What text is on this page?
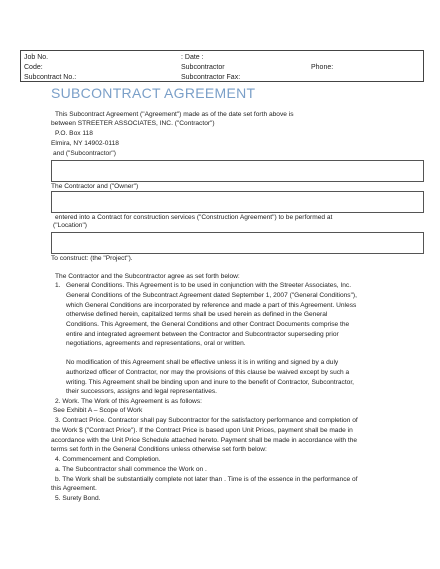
Job No.	: Date :
Code:	Subcontractor	Phone:
Subcontract No.:	Subcontractor Fax:
SUBCONTRACT AGREEMENT
This Subcontract Agreement ("Agreement") made as of the date set forth above is
between STREETER ASSOCIATES, INC. ("Contractor")
P.O. Box 118
Elmira, NY 14902-0118
and ("Subcontractor")
The Contractor and ("Owner")
entered into a Contract for construction services ("Construction Agreement") to be performed at
("Location")
To construct: (the "Project").
The Contractor and the Subcontractor agree as set forth below:
1. General Conditions. This Agreement is to be used in conjunction with the Streeter Associates, Inc.
General Conditions of the Subcontract Agreement dated September 1, 2007 ("General Conditions"),
which General Conditions are incorporated by reference and made a part of this Agreement. Unless
otherwise defined herein, capitalized terms shall be used herein as defined in the General
Conditions. This Agreement, the General Conditions and other Contract Documents comprise the
entire and integrated agreement between the Contractor and Subcontractor superseding prior
negotiations, agreements and representations, oral or written.
No modification of this Agreement shall be effective unless it is in writing and signed by a duly
authorized officer of Contractor, nor may the provisions of this clause be waived except by such a
writing. This Agreement shall be binding upon and inure to the benefit of Contractor, Subcontractor,
their successors, assigns and legal representatives.
2. Work. The Work of this Agreement is as follows:
See Exhibit A – Scope of Work
3. Contract Price. Contractor shall pay Subcontractor for the satisfactory performance and completion of
the Work $ ("Contract Price"). If the Contract Price is based upon Unit Prices, payment shall be made in
accordance with the Unit Price Schedule attached hereto. Payment shall be made in accordance with the
terms set forth in the General Conditions unless otherwise set forth below:
4. Commencement and Completion.
a. The Subcontractor shall commence the Work on .
b. The Work shall be substantially complete not later than . Time is of the essence in the performance of
this Agreement.
5. Surety Bond.
